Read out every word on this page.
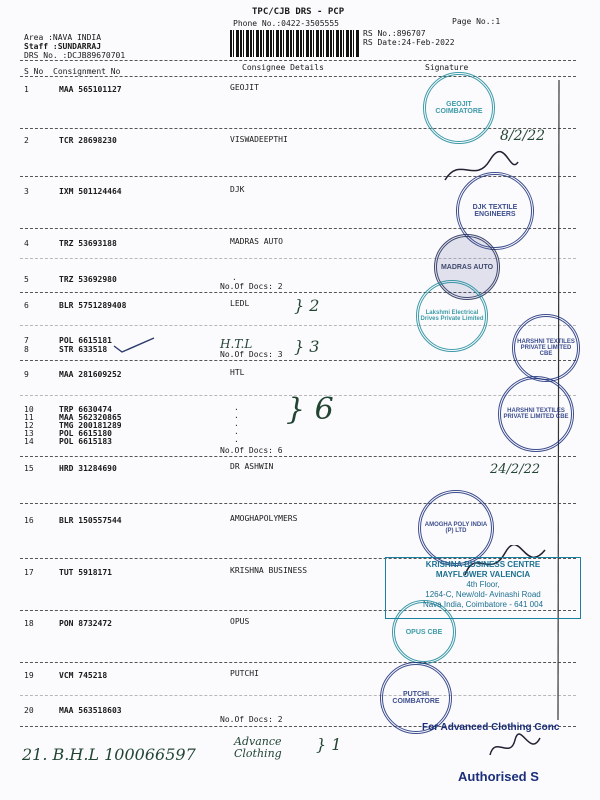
TPC/CJB DRS - PCP
Phone No.:0422-3505555	Page No.:1
Area :NAVA INDIA
Staff :SUNDARRAJ
DRS No. :DCJB89670701
RS No.:896707
RS Date:24-Feb-2022
S No Consignment No	Consignee Details	Signature
1	MAA 565101127	GEOJIT
2	TCR 28698230	VISWADEEPTHI
3	IXM 501124464	DJK
4	TRZ 53693188	MADRAS AUTO
5	TRZ 53692980	.
No.Of Docs: 2
6	BLR 5751289408	LEDL
7	POL 6615181
8	STR 633518
No.Of Docs: 3
9	MAA 281609252	HTL
10	TRP 6630474	.
11	MAA 562320865	.
12	TMG 200181289	.
13	POL 6615180	.
14	POL 6615183	.
No.Of Docs: 6
15	HRD 31284690	DR ASHWIN
16	BLR 150557544	AMOGHAPOLYMERS
17	TUT 5918171	KRISHNA BUSINESS
18	PON 8732472	OPUS
19	VCM 745218	PUTCHI
20	MAA 563518603
No.Of Docs: 2
21. B.H.L 100066597
Advance Clothing
H.T.L
} 2
} 3
} 6
} 1
8/2/22
24/2/22
GEOJIT COIMBATORE
DJK TEXTILE ENGINEERS
MADRAS AUTO
Lakshmi Electrical Drives Private Limited
HARSHNI TEXTILES PRIVATE LIMITED CBE
HARSHNI TEXTILES PRIVATE LIMITED CBE
AMOGHA POLY INDIA (P) LTD
OPUS CBE
PUTCHI COIMBATORE
KRISHNA BUSINESS CENTRE
MAYFLOWER VALENCIA
4th Floor,
1264-C, New/old- Avinashi Road
Nava India, Coimbatore - 641 004
For Advanced Clothing Conc
Authorised S
